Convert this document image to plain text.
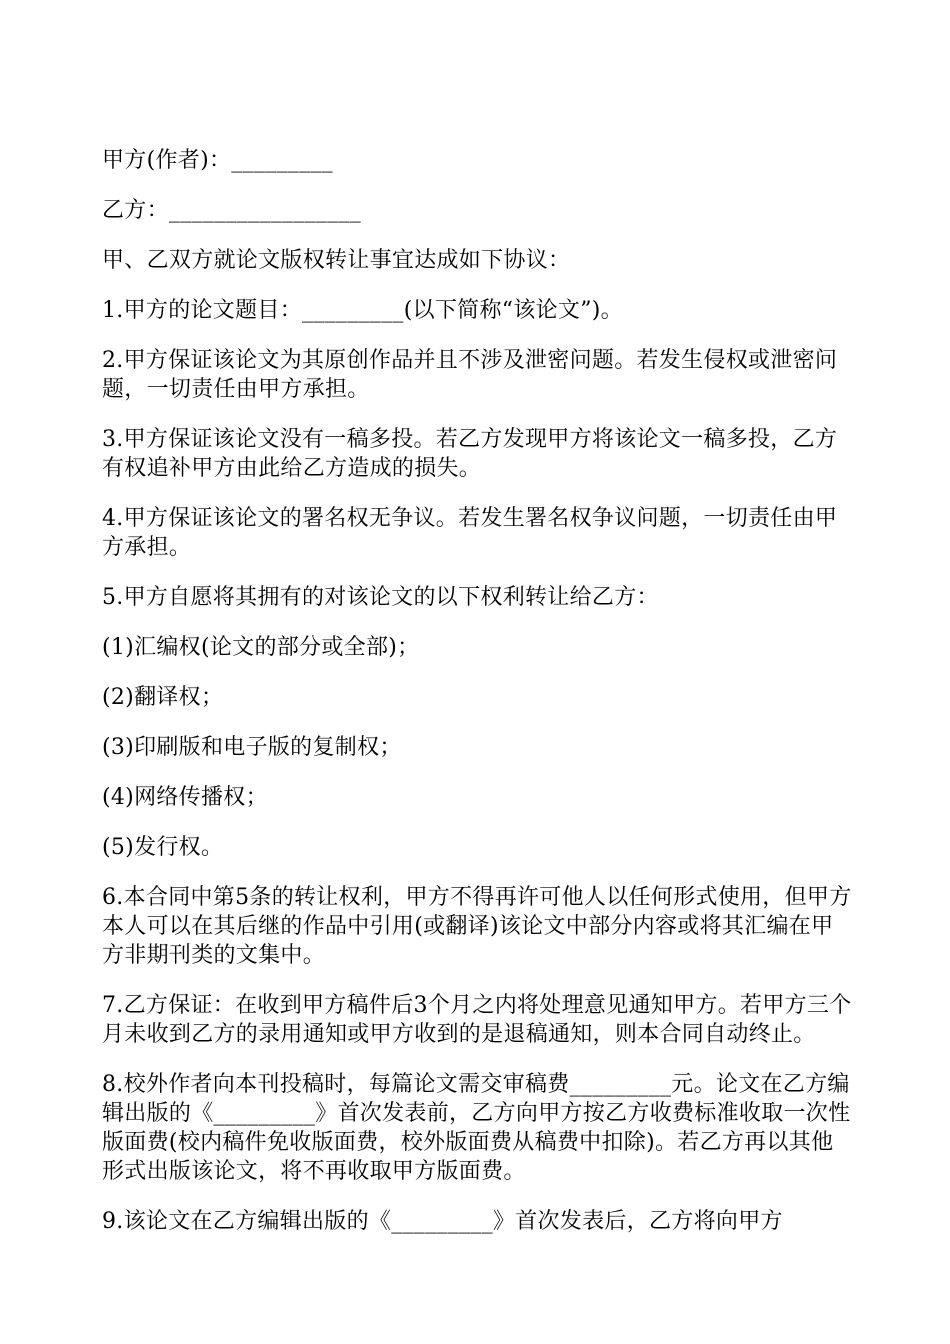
甲方(作者)：_________

乙方：_________________

甲、乙双方就论文版权转让事宜达成如下协议：

1.甲方的论文题目：_________(以下简称“该论文”)。

2.甲方保证该论文为其原创作品并且不涉及泄密问题。若发生侵权或泄密问题，一切责任由甲方承担。

3.甲方保证该论文没有一稿多投。若乙方发现甲方将该论文一稿多投，乙方有权追补甲方由此给乙方造成的损失。

4.甲方保证该论文的署名权无争议。若发生署名权争议问题，一切责任由甲方承担。

5.甲方自愿将其拥有的对该论文的以下权利转让给乙方：

(1)汇编权(论文的部分或全部)；

(2)翻译权；

(3)印刷版和电子版的复制权；

(4)网络传播权；

(5)发行权。

6.本合同中第5条的转让权利，甲方不得再许可他人以任何形式使用，但甲方本人可以在其后继的作品中引用(或翻译)该论文中部分内容或将其汇编在甲方非期刊类的文集中。

7.乙方保证：在收到甲方稿件后3个月之内将处理意见通知甲方。若甲方三个月未收到乙方的录用通知或甲方收到的是退稿通知，则本合同自动终止。

8.校外作者向本刊投稿时，每篇论文需交审稿费_________元。论文在乙方编辑出版的《_________》首次发表前，乙方向甲方按乙方收费标准收取一次性版面费(校内稿件免收版面费，校外版面费从稿费中扣除)。若乙方再以其他形式出版该论文，将不再收取甲方版面费。

9.该论文在乙方编辑出版的《_________》首次发表后，乙方将向甲方
